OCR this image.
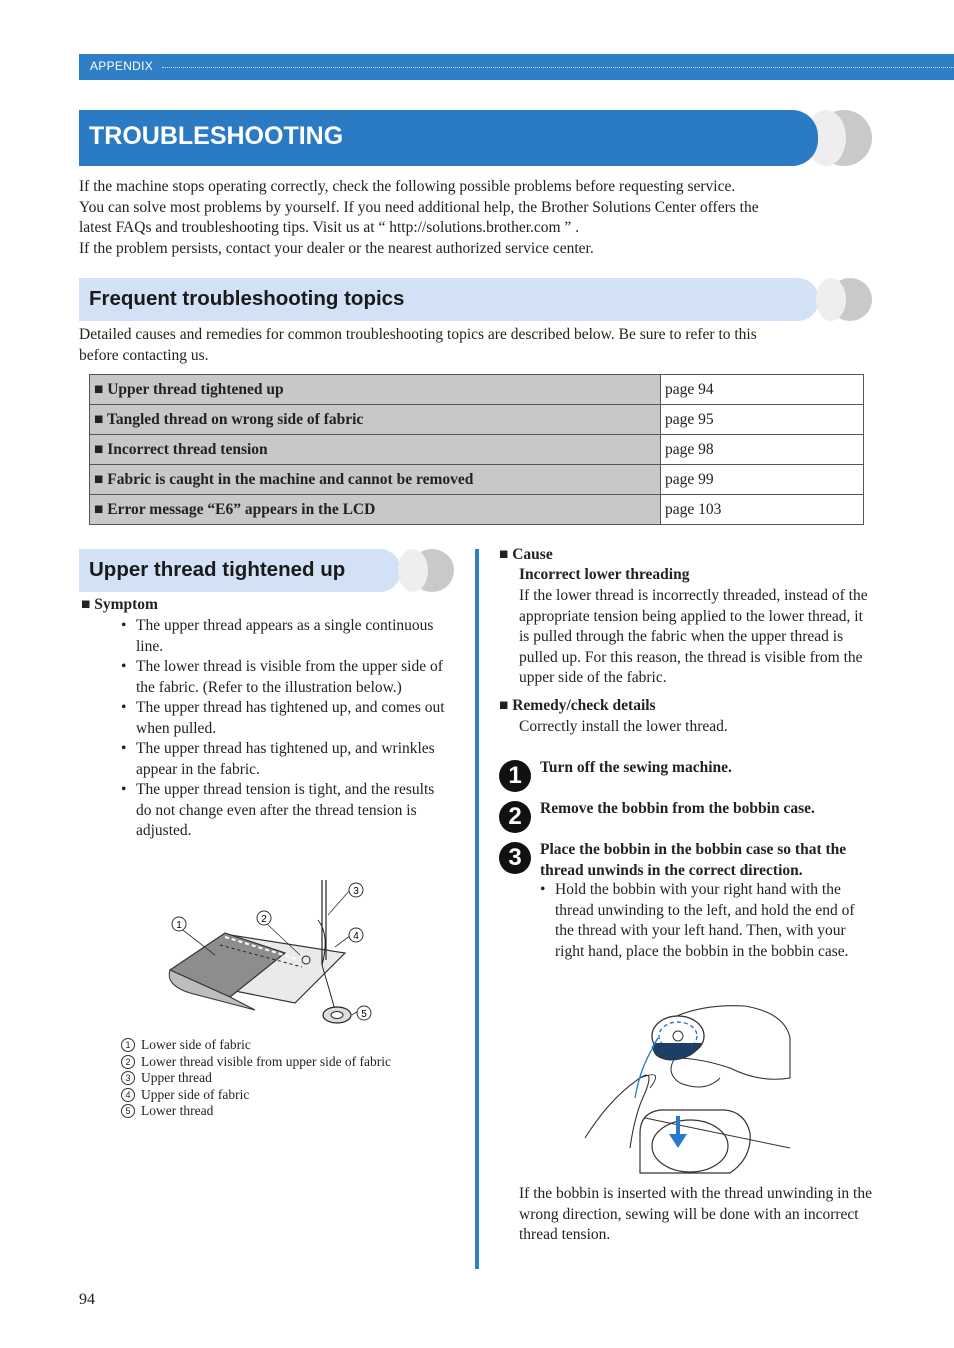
APPENDIX
TROUBLESHOOTING
If the machine stops operating correctly, check the following possible problems before requesting service.
You can solve most problems by yourself. If you need additional help, the Brother Solutions Center offers the
latest FAQs and troubleshooting tips. Visit us at “ http://solutions.brother.com ” .
If the problem persists, contact your dealer or the nearest authorized service center.
Frequent troubleshooting topics
Detailed causes and remedies for common troubleshooting topics are described below. Be sure to refer to this
before contacting us.
■ Upper thread tightened up	page 94
■ Tangled thread on wrong side of fabric	page 95
■ Incorrect thread tension	page 98
■ Fabric is caught in the machine and cannot be removed	page 99
■ Error message “E6” appears in the LCD	page 103
Upper thread tightened up
■ Symptom
• The upper thread appears as a single continuous line.
• The lower thread is visible from the upper side of the fabric. (Refer to the illustration below.)
• The upper thread has tightened up, and comes out when pulled.
• The upper thread has tightened up, and wrinkles appear in the fabric.
• The upper thread tension is tight, and the results do not change even after the thread tension is adjusted.
1
2
3
4
5
1 Lower side of fabric
2 Lower thread visible from upper side of fabric
3 Upper thread
4 Upper side of fabric
5 Lower thread
■ Cause
Incorrect lower threading
If the lower thread is incorrectly threaded, instead of the appropriate tension being applied to the lower thread, it is pulled through the fabric when the upper thread is pulled up. For this reason, the thread is visible from the upper side of the fabric.
■ Remedy/check details
Correctly install the lower thread.
1	Turn off the sewing machine.
2	Remove the bobbin from the bobbin case.
3	Place the bobbin in the bobbin case so that the thread unwinds in the correct direction.
• Hold the bobbin with your right hand with the thread unwinding to the left, and hold the end of the thread with your left hand. Then, with your right hand, place the bobbin in the bobbin case.
If the bobbin is inserted with the thread unwinding in the wrong direction, sewing will be done with an incorrect thread tension.
94
